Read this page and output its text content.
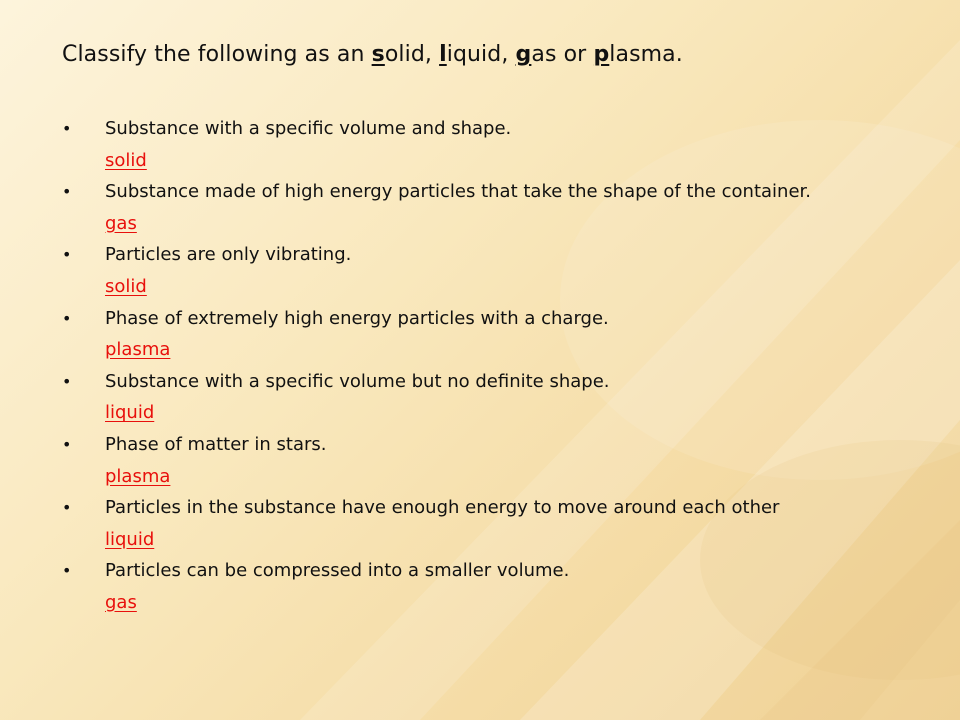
Classify the following as an solid, liquid, gas or plasma.
• Substance with a specific volume and shape.
solid
• Substance made of high energy particles that take the shape of the container.
gas
• Particles are only vibrating.
solid
• Phase of extremely high energy particles with a charge.
plasma
• Substance with a specific volume but no definite shape.
liquid
• Phase of matter in stars.
plasma
• Particles in the substance have enough energy to move around each other
liquid
• Particles can be compressed into a smaller volume.
gas
